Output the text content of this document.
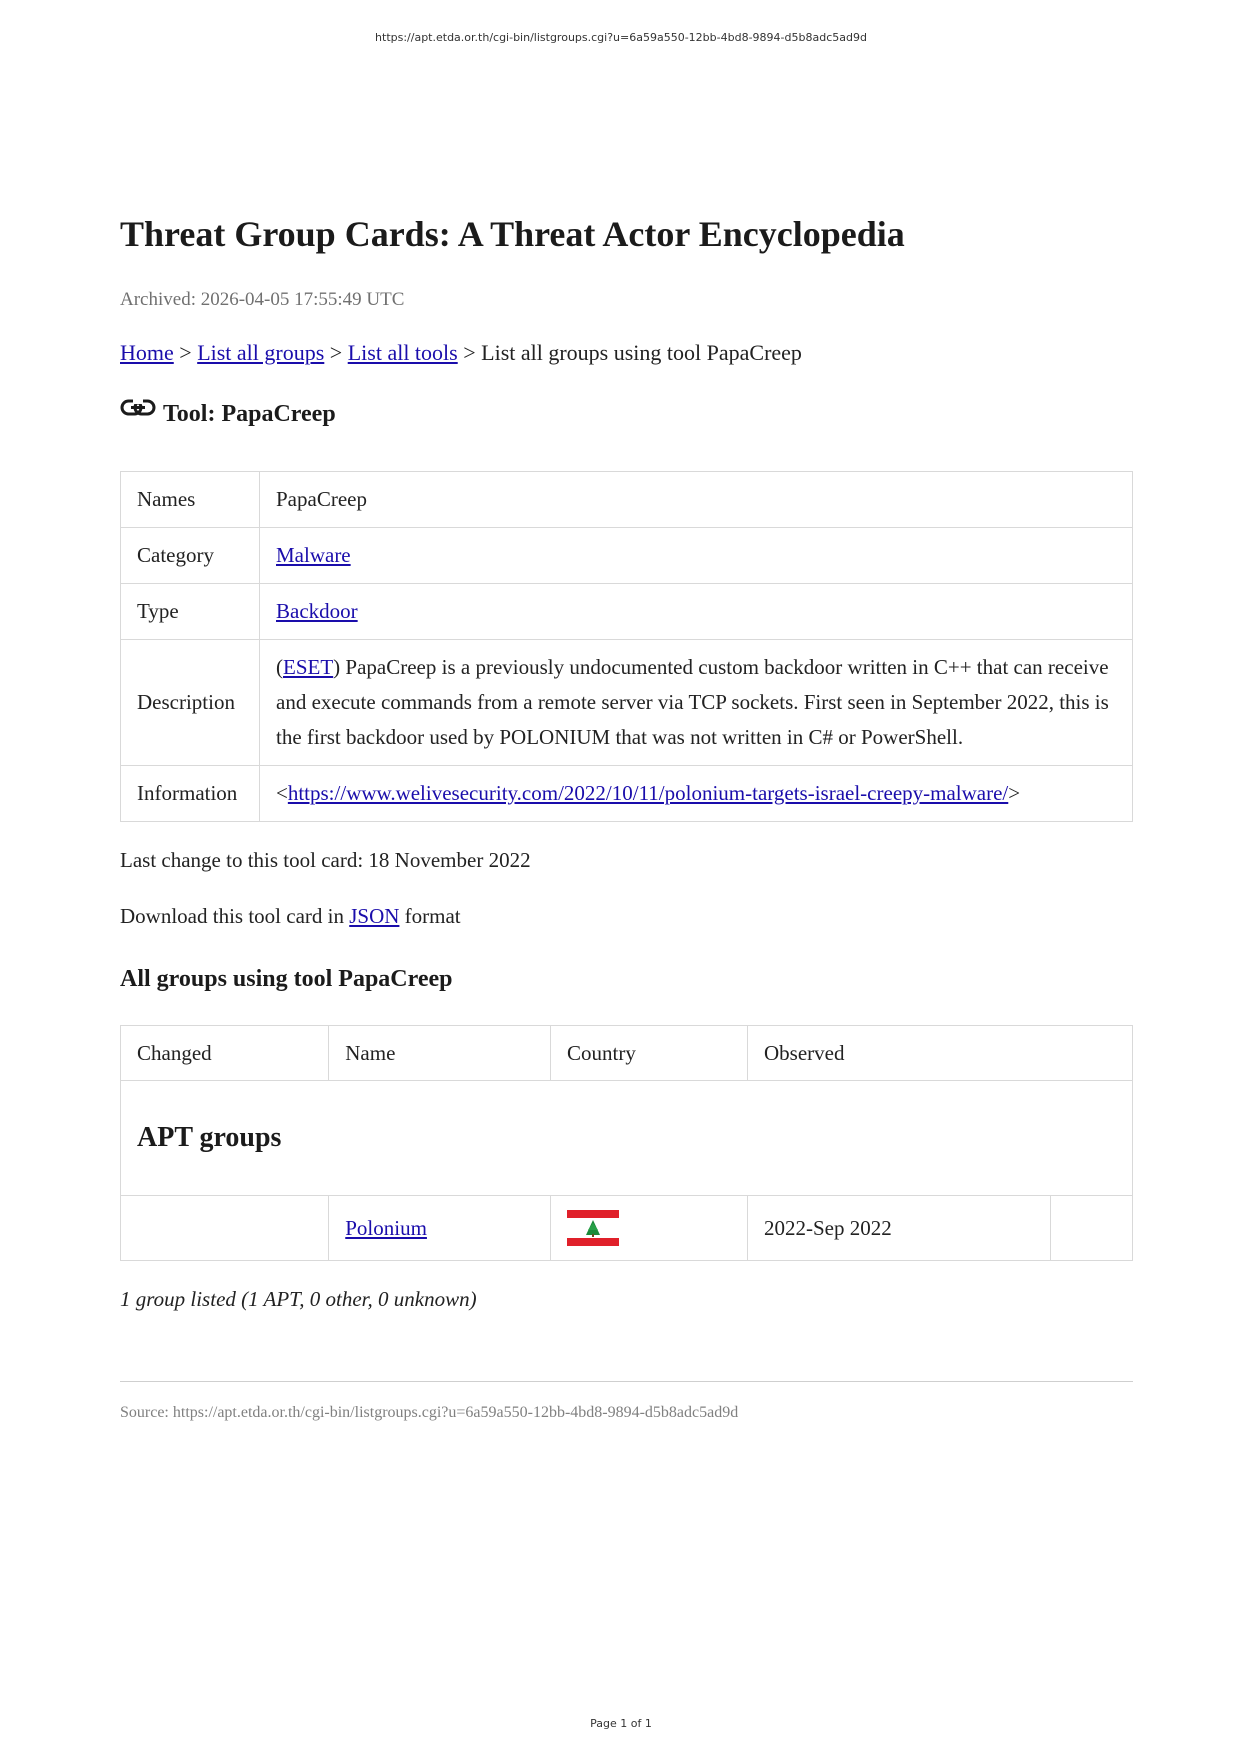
https://apt.etda.or.th/cgi-bin/listgroups.cgi?u=6a59a550-12bb-4bd8-9894-d5b8adc5ad9d
Threat Group Cards: A Threat Actor Encyclopedia
Archived: 2026-04-05 17:55:49 UTC
Home > List all groups > List all tools > List all groups using tool PapaCreep
Tool: PapaCreep
Names	PapaCreep
Category	Malware
Type	Backdoor
Description	(ESET) PapaCreep is a previously undocumented custom backdoor written in C++ that can receive and execute commands from a remote server via TCP sockets. First seen in September 2022, this is the first backdoor used by POLONIUM that was not written in C# or PowerShell.
Information	<https://www.welivesecurity.com/2022/10/11/polonium-targets-israel-creepy-malware/>
Last change to this tool card: 18 November 2022
Download this tool card in JSON format
All groups using tool PapaCreep
Changed	Name	Country	Observed	
APT groups				
	Polonium		2022-Sep 2022	
1 group listed (1 APT, 0 other, 0 unknown)
Source: https://apt.etda.or.th/cgi-bin/listgroups.cgi?u=6a59a550-12bb-4bd8-9894-d5b8adc5ad9d
Page 1 of 1
